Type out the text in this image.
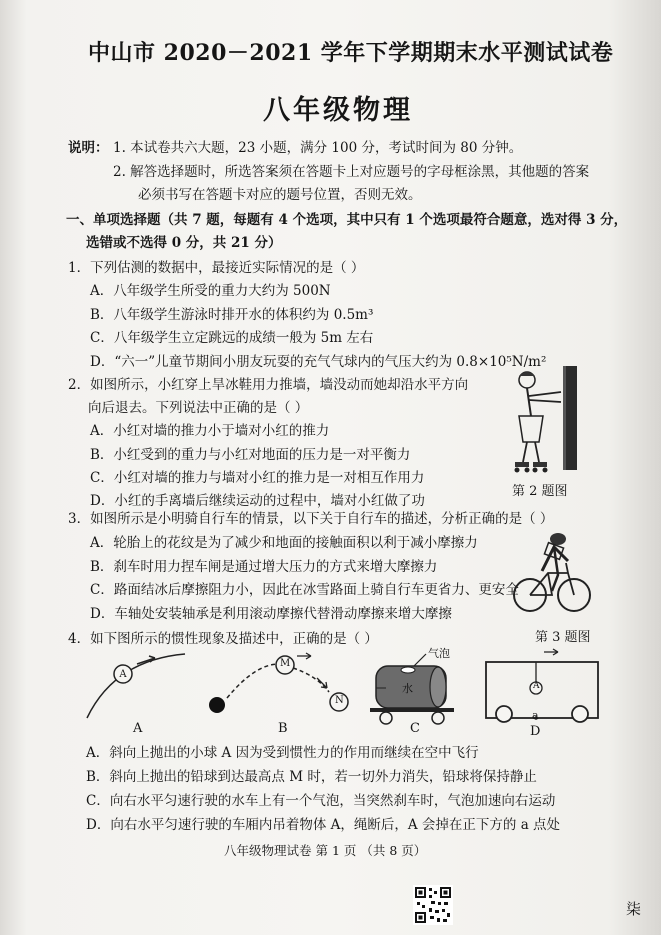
中山市 2020－2021 学年下学期期末水平测试试卷
八年级物理
说明： 1. 本试卷共六大题，23 小题，满分 100 分，考试时间为 80 分钟。
2. 解答选择题时，所选答案须在答题卡上对应题号的字母框涂黑，其他题的答案
必须书写在答题卡对应的题号位置，否则无效。
一、单项选择题（共 7 题，每题有 4 个选项，其中只有 1 个选项最符合题意，选对得 3 分，
选错或不选得 0 分，共 21 分）
1．下列估测的数据中，最接近实际情况的是（ ）
A．八年级学生所受的重力大约为 500N
B．八年级学生游泳时排开水的体积约为 0.5m³
C．八年级学生立定跳远的成绩一般为 5m 左右
D．“六一”儿童节期间小朋友玩耍的充气气球内的气压大约为 0.8×10⁵N/m²
2．如图所示，小红穿上旱冰鞋用力推墙，墙没动而她却沿水平方向
向后退去。下列说法中正确的是（ ）
A．小红对墙的推力小于墙对小红的推力
B．小红受到的重力与小红对地面的压力是一对平衡力
C．小红对墙的推力与墙对小红的推力是一对相互作用力
D．小红的手离墙后继续运动的过程中，墙对小红做了功
第 2 题图
3．如图所示是小明骑自行车的情景，以下关于自行车的描述，分析正确的是（ ）
A．轮胎上的花纹是为了减少和地面的接触面积以利于减小摩擦力
B．刹车时用力捏车闸是通过增大压力的方式来增大摩擦力
C．路面结冰后摩擦阻力小，因此在冰雪路面上骑自行车更省力、更安全
D．车轴处安装轴承是利用滚动摩擦代替滑动摩擦来增大摩擦
第 3 题图
4．如下图所示的惯性现象及描述中，正确的是（ ）
A
A
M
N
B
气泡
水
C
A
a
D
A．斜向上抛出的小球 A 因为受到惯性力的作用而继续在空中飞行
B．斜向上抛出的铅球到达最高点 M 时，若一切外力消失，铅球将保持静止
C．向右水平匀速行驶的水车上有一个气泡，当突然刹车时，气泡加速向右运动
D．向右水平匀速行驶的车厢内吊着物体 A，绳断后，A 会掉在正下方的 a 点处
八年级物理试卷 第 1 页 （共 8 页）
柒
